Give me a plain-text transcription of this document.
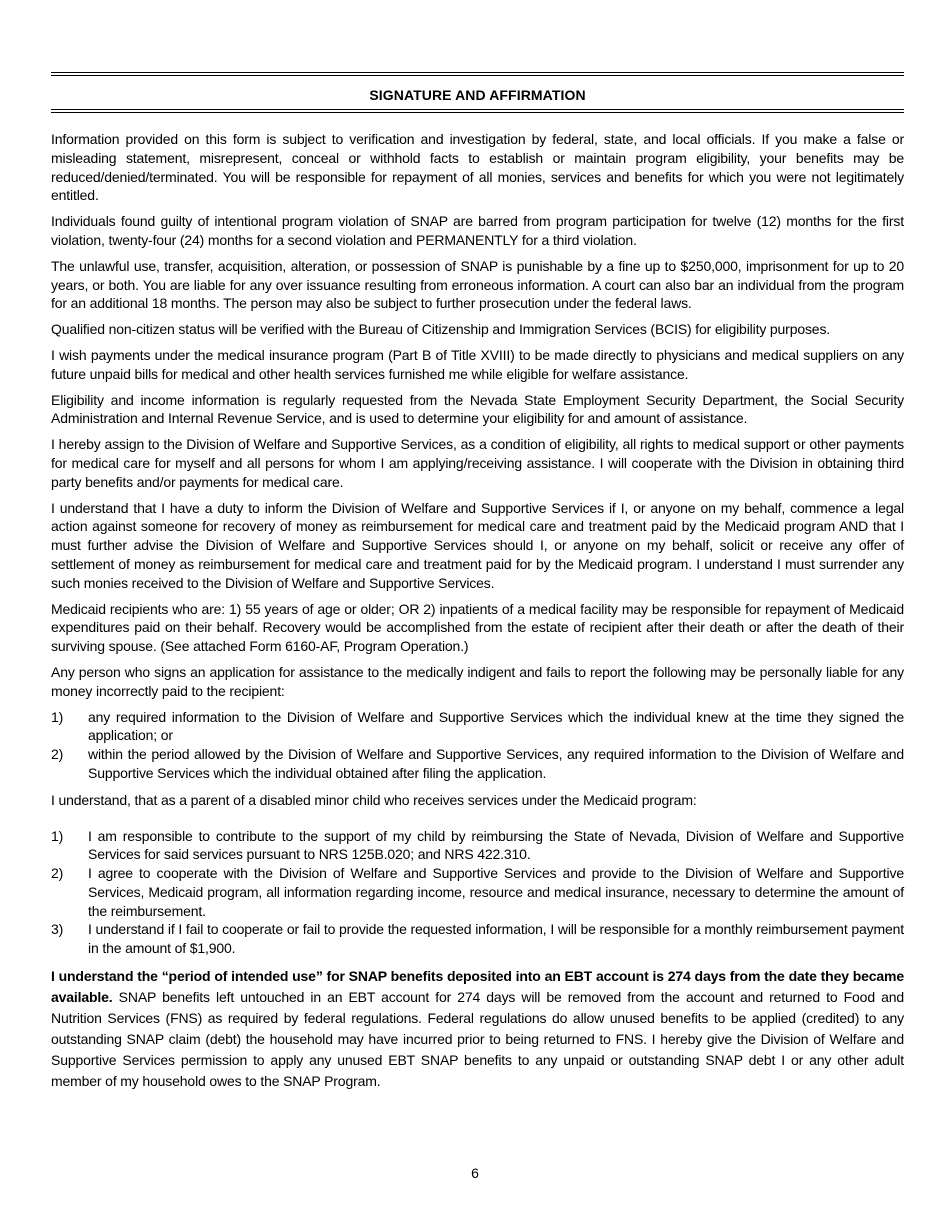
SIGNATURE AND AFFIRMATION

Information provided on this form is subject to verification and investigation by federal, state, and local officials. If you make a false or misleading statement, misrepresent, conceal or withhold facts to establish or maintain program eligibility, your benefits may be reduced/denied/terminated. You will be responsible for repayment of all monies, services and benefits for which you were not legitimately entitled.

Individuals found guilty of intentional program violation of SNAP are barred from program participation for twelve (12) months for the first violation, twenty-four (24) months for a second violation and PERMANENTLY for a third violation.

The unlawful use, transfer, acquisition, alteration, or possession of SNAP is punishable by a fine up to $250,000, imprisonment for up to 20 years, or both. You are liable for any over issuance resulting from erroneous information. A court can also bar an individual from the program for an additional 18 months. The person may also be subject to further prosecution under the federal laws.

Qualified non-citizen status will be verified with the Bureau of Citizenship and Immigration Services (BCIS) for eligibility purposes.

I wish payments under the medical insurance program (Part B of Title XVIII) to be made directly to physicians and medical suppliers on any future unpaid bills for medical and other health services furnished me while eligible for welfare assistance.

Eligibility and income information is regularly requested from the Nevada State Employment Security Department, the Social Security Administration and Internal Revenue Service, and is used to determine your eligibility for and amount of assistance.

I hereby assign to the Division of Welfare and Supportive Services, as a condition of eligibility, all rights to medical support or other payments for medical care for myself and all persons for whom I am applying/receiving assistance. I will cooperate with the Division in obtaining third party benefits and/or payments for medical care.

I understand that I have a duty to inform the Division of Welfare and Supportive Services if I, or anyone on my behalf, commence a legal action against someone for recovery of money as reimbursement for medical care and treatment paid by the Medicaid program AND that I must further advise the Division of Welfare and Supportive Services should I, or anyone on my behalf, solicit or receive any offer of settlement of money as reimbursement for medical care and treatment paid for by the Medicaid program. I understand I must surrender any such monies received to the Division of Welfare and Supportive Services.

Medicaid recipients who are: 1) 55 years of age or older; OR 2) inpatients of a medical facility may be responsible for repayment of Medicaid expenditures paid on their behalf. Recovery would be accomplished from the estate of recipient after their death or after the death of their surviving spouse. (See attached Form 6160-AF, Program Operation.)

Any person who signs an application for assistance to the medically indigent and fails to report the following may be personally liable for any money incorrectly paid to the recipient:

1)	any required information to the Division of Welfare and Supportive Services which the individual knew at the time they signed the application; or
2)	within the period allowed by the Division of Welfare and Supportive Services, any required information to the Division of Welfare and Supportive Services which the individual obtained after filing the application.

I understand, that as a parent of a disabled minor child who receives services under the Medicaid program:

1)	I am responsible to contribute to the support of my child by reimbursing the State of Nevada, Division of Welfare and Supportive Services for said services pursuant to NRS 125B.020; and NRS 422.310.
2)	I agree to cooperate with the Division of Welfare and Supportive Services and provide to the Division of Welfare and Supportive Services, Medicaid program, all information regarding income, resource and medical insurance, necessary to determine the amount of the reimbursement.
3)	I understand if I fail to cooperate or fail to provide the requested information, I will be responsible for a monthly reimbursement payment in the amount of $1,900.

I understand the “period of intended use” for SNAP benefits deposited into an EBT account is 274 days from the date they became available. SNAP benefits left untouched in an EBT account for 274 days will be removed from the account and returned to Food and Nutrition Services (FNS) as required by federal regulations. Federal regulations do allow unused benefits to be applied (credited) to any outstanding SNAP claim (debt) the household may have incurred prior to being returned to FNS. I hereby give the Division of Welfare and Supportive Services permission to apply any unused EBT SNAP benefits to any unpaid or outstanding SNAP debt I or any other adult member of my household owes to the SNAP Program.

6
